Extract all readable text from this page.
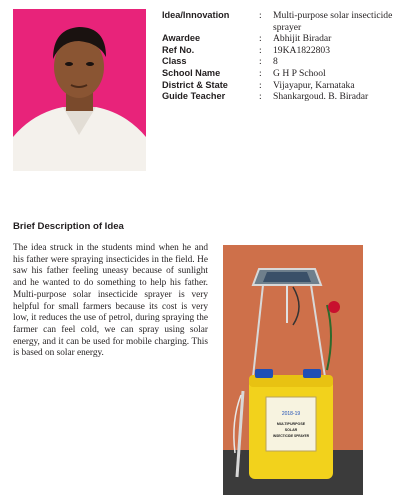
Idea/Innovation	:	Multi-purpose solar insecticide sprayer
Awardee	:	Abhijit Biradar
Ref No.	:	19KA1822803
Class	:	8
School Name	:	G H P School
District & State	:	Vijayapur, Karnataka
Guide Teacher	:	Shankargoud. B. Biradar
Brief Description of Idea

The idea struck in the students mind when he and his father were spraying insecticides in the field. He saw his father feeling uneasy because of sunlight and he wanted to do something to help his father. Multi-purpose solar insecticide sprayer is very helpful for small farmers because its cost is very low, it reduces the use of petrol, during spraying the farmer can feel cold, we can spray using solar energy, and it can be used for mobile charging. This is based on solar energy.

2018-19
MULTIPURPOSE
SOLAR
INSECTICIDE SPRAYER
